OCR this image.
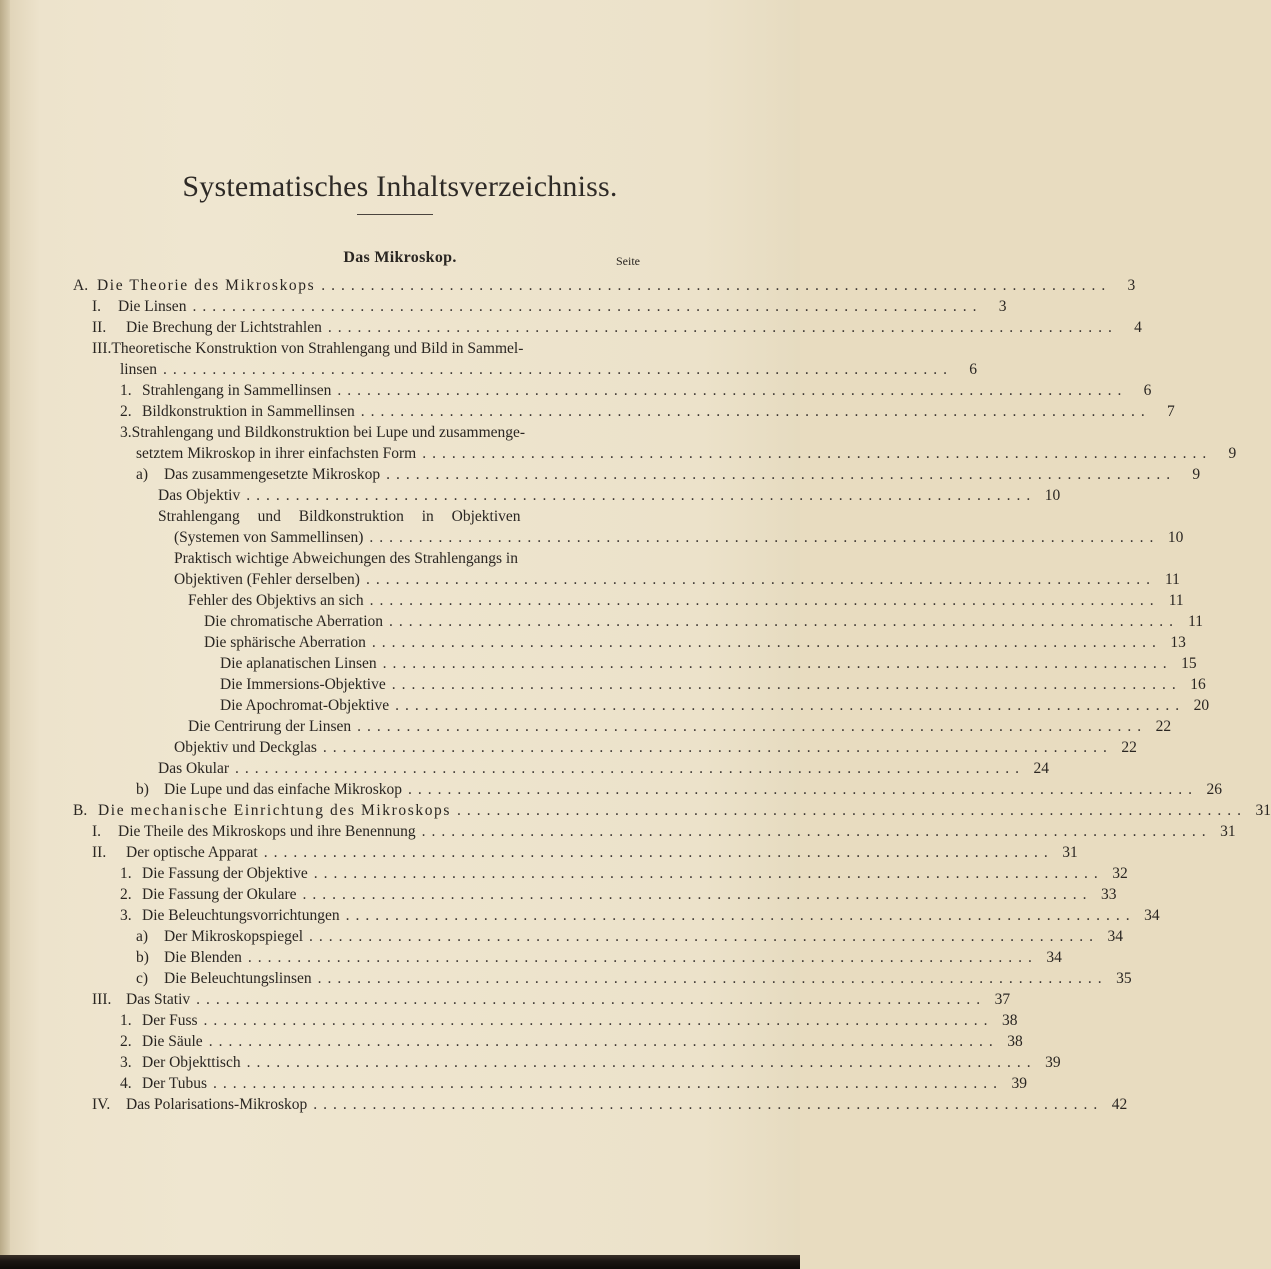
Systematisches Inhaltsverzeichniss.
Das Mikroskop.	Seite
A. Die Theorie des Mikroskops ................................................................................	3
I.	Die Linsen ................................................................................	3
II.	Die Brechung der Lichtstrahlen ................................................................................	4
III.Theoretische Konstruktion von Strahlengang und Bild in Sammel-
linsen ................................................................................	6
1. Strahlengang in Sammellinsen ................................................................................	6
2. Bildkonstruktion in Sammellinsen ................................................................................	7
3.Strahlengang und Bildkonstruktion bei Lupe und zusammenge-
setztem Mikroskop in ihrer einfachsten Form ................................................................................	9
a)	Das zusammengesetzte Mikroskop ................................................................................	9
Das Objektiv ................................................................................ 10
Strahlengang und Bildkonstruktion in Objektiven
(Systemen von Sammellinsen) ................................................................................ 10
Praktisch wichtige Abweichungen des Strahlengangs in
Objektiven (Fehler derselben) ................................................................................ 11
Fehler des Objektivs an sich ................................................................................ 11
Die chromatische Aberration ................................................................................ 11
Die sphärische Aberration ................................................................................ 13
Die aplanatischen Linsen ................................................................................ 15
Die Immersions-Objektive ................................................................................ 16
Die Apochromat-Objektive ................................................................................ 20
Die Centrirung der Linsen ................................................................................ 22
Objektiv und Deckglas ................................................................................ 22
Das Okular ................................................................................ 24
b) Die Lupe und das einfache Mikroskop ................................................................................ 26
B. Die mechanische Einrichtung des Mikroskops ................................................................................ 31
I.	Die Theile des Mikroskops und ihre Benennung ................................................................................ 31
II.	Der optische Apparat ................................................................................ 31
1. Die Fassung der Objektive ................................................................................ 32
2. Die Fassung der Okulare ................................................................................ 33
3. Die Beleuchtungsvorrichtungen ................................................................................ 34
a)	Der Mikroskopspiegel ................................................................................ 34
b) Die Blenden ................................................................................ 34
c)	Die Beleuchtungslinsen ................................................................................ 35
III. Das Stativ ................................................................................ 37
1. Der Fuss ................................................................................ 38
2. Die Säule ................................................................................ 38
3. Der Objekttisch ................................................................................ 39
4. Der Tubus ................................................................................ 39
IV.	Das Polarisations-Mikroskop ................................................................................ 42
